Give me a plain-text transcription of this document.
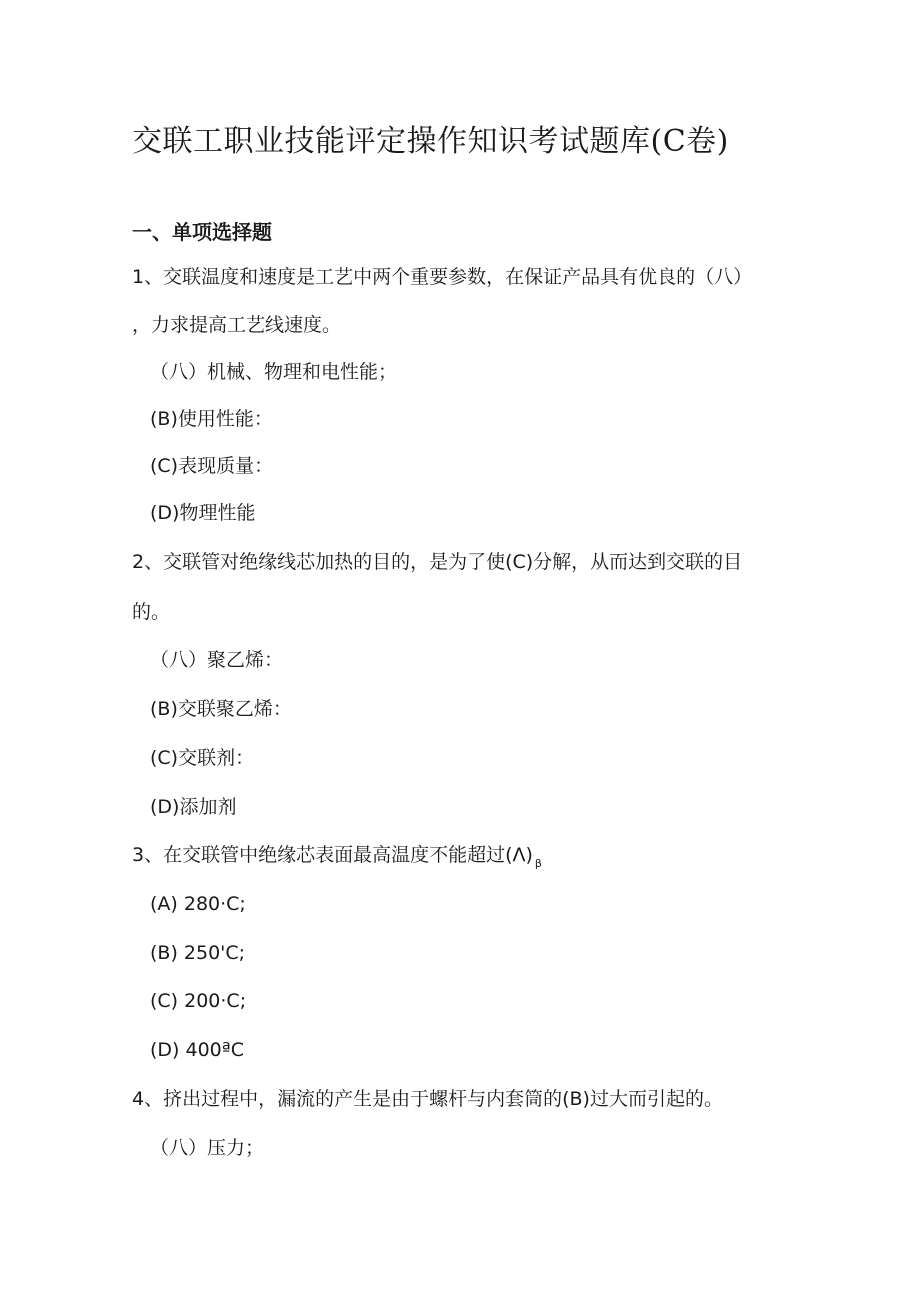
交联工职业技能评定操作知识考试题库(C卷)
一、单项选择题
1、交联温度和速度是工艺中两个重要参数，在保证产品具有优良的（八）
，力求提高工艺线速度。
（八）机械、物理和电性能；
(B)使用性能：
(C)表现质量：
(D)物理性能
2、交联管对绝缘线芯加热的目的，是为了使(C)分解，从而达到交联的目
的。
（八）聚乙烯：
(B)交联聚乙烯：
(C)交联剂：
(D)添加剂
3、在交联管中绝缘芯表面最高温度不能超过(Λ) $_\beta$
(A) 280·C;
(B) 250'C;
(C) 200·C;
(D) 400ªC
4、挤出过程中，漏流的产生是由于螺杆与内套筒的(B)过大而引起的。
（八）压力；
